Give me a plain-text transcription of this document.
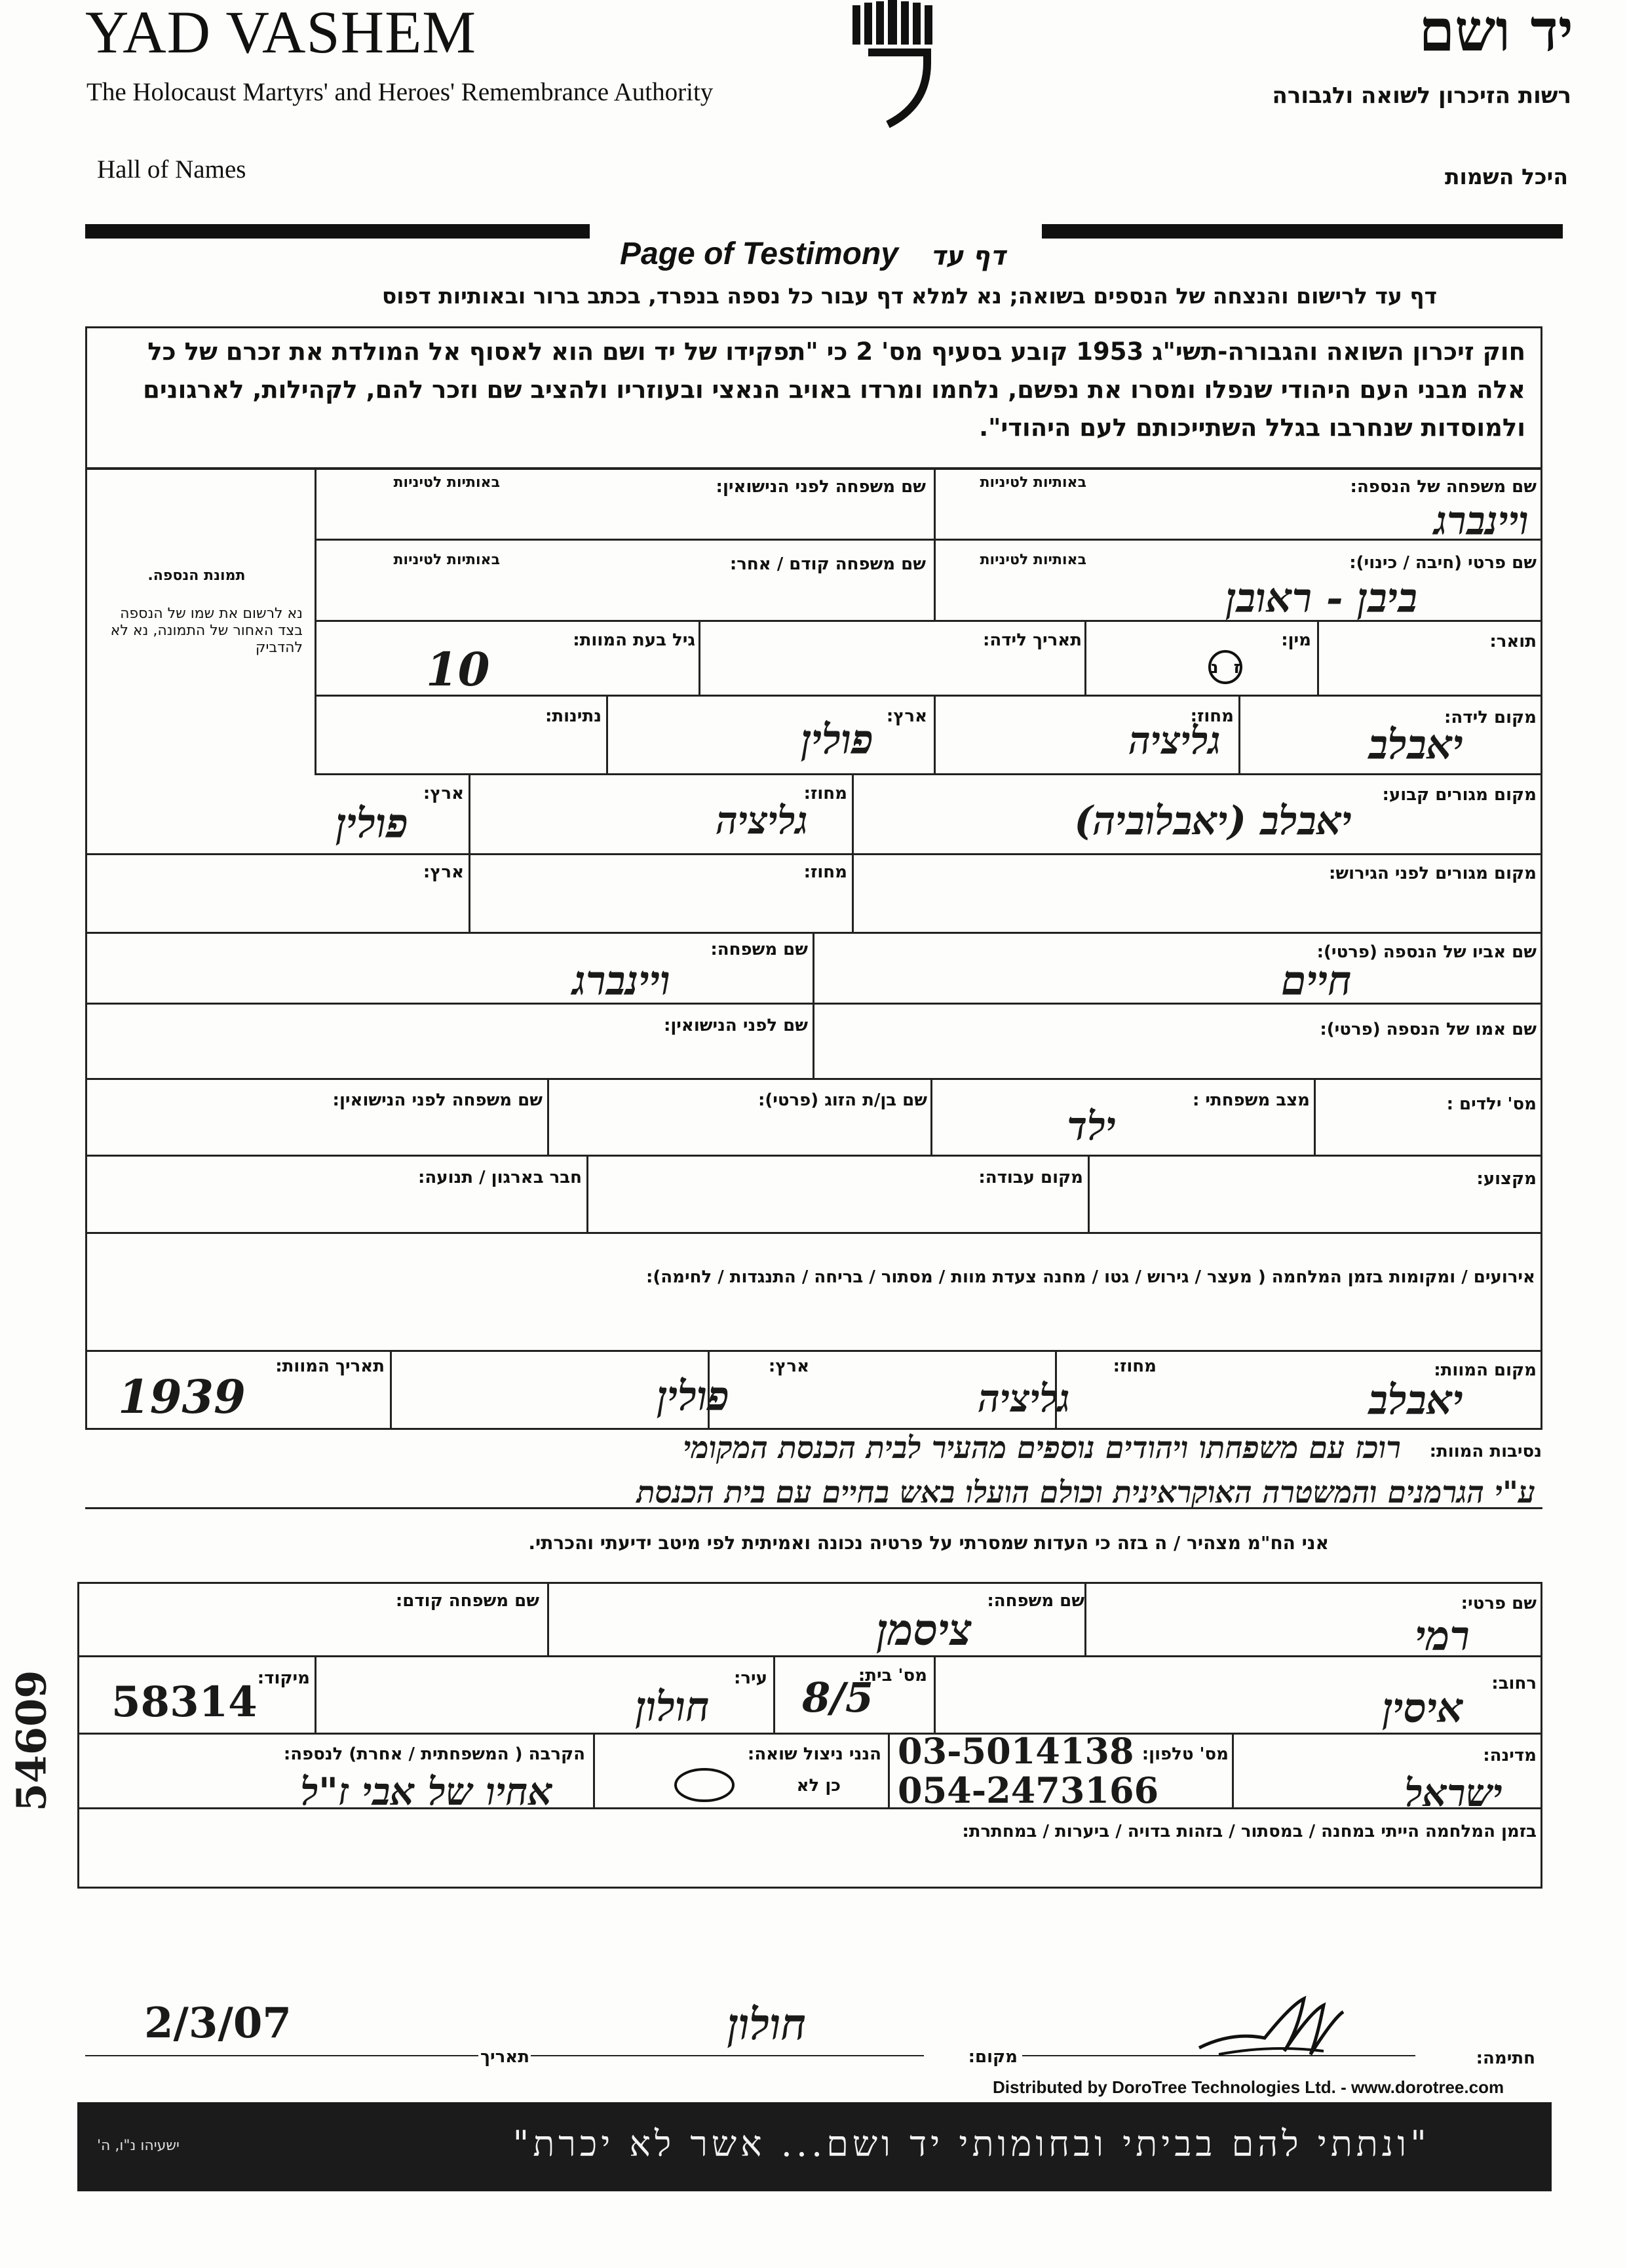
YAD VASHEM
The Holocaust Martyrs' and Heroes' Remembrance Authority
Hall of Names
יד ושם
רשות הזיכרון לשואה ולגבורה
היכל השמות
Page of Testimony דף עד
דף עד לרישום והנצחה של הנספים בשואה; נא למלא דף עבור כל נספה בנפרד, בכתב ברור ובאותיות דפוס
חוק זיכרון השואה והגבורה-תשי"ג 1953 קובע בסעיף מס' 2 כי "תפקידו של יד ושם הוא לאסוף אל המולדת את זכרם של כל אלה מבני העם היהודי שנפלו ומסרו את נפשם, נלחמו ומרדו באויב הנאצי ובעוזריו ולהציב שם וזכר להם, לקהילות, לארגונים ולמוסדות שנחרבו בגלל השתייכותם לעם היהודי".
תמונת הנספה.
נא לרשום את שמו של הנספה בצד האחור של התמונה, נא לא להדביק
שם משפחה של הנספה:
באותיות לטיניות
שם משפחה לפני הנישואין:
באותיות לטיניות
ויינברג
שם פרטי (חיבה / כינוי):
באותיות לטיניות
שם משפחה קודם / אחר:
באותיות לטיניות
ביבן - ראובן
תואר:
מין:
ז נ
תאריך לידה:
גיל בעת המוות:
10
מקום לידה:
מחוז:
ארץ:
נתינות:
יאבלב
גליציה
פולין
מקום מגורים קבוע:
מחוז:
ארץ:
יאבלב (יאבלוביה)
גליציה
פולין
מקום מגורים לפני הגירוש:
מחוז:
ארץ:
שם אביו של הנספה (פרטי):
שם משפחה:
חיים
ויינברג
שם אמו של הנספה (פרטי):
שם לפני הנישואין:
מס' ילדים :
מצב משפחתי :
שם בן/ת הזוג (פרטי):
שם משפחה לפני הנישואין:
ילד
מקצוע:
מקום עבודה:
חבר בארגון / תנועה:
אירועים / ומקומות בזמן המלחמה ( מעצר / גירוש / גטו / מחנה צעדת מוות / מסתור / בריחה / התנגדות / לחימה):
מקום המוות:
מחוז:
ארץ:
תאריך המוות:
יאבלב
גליציה
פולין
1939
נסיבות המוות:
רוכז עם משפחתו ויהודים נוספים מהעיר לבית הכנסת המקומי
ע"י הגרמנים והמשטרה האוקראינית וכולם הועלו באש בחיים עם בית הכנסת
אני הח"מ מצהיר / ה בזה כי העדות שמסרתי על פרטיה נכונה ואמיתית לפי מיטב ידיעתי והכרתי.
שם פרטי:
שם משפחה:
שם משפחה קודם:
רמי
ציסמן
רחוב:
מס' בית:
עיר:
מיקוד:
איסין
8/5
חולון
58314
מדינה:
מס' טלפון:
הנני ניצול שואה:
כן לא
הקרבה ( המשפחתית / אחרת) לנספה:
ישראל
03-5014138
054-2473166
אחיו של אבי ז"ל
בזמן המלחמה הייתי במחנה / במסתור / בזהות בדויה / ביערות / במחתרת:
חתימה:
מקום:
חולון
תאריך
2/3/07
Distributed by DoroTree Technologies Ltd. - www.dorotree.com
"ונתתי להם בביתי ובחומותי יד ושם... אשר לא יכרת"
ישעיהו נ"ו, ה'
54609
